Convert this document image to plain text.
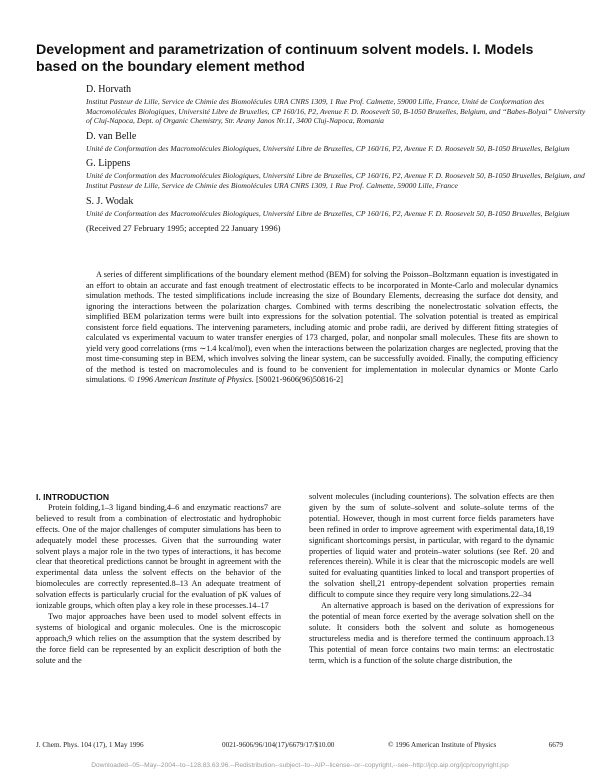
Development and parametrization of continuum solvent models. I. Models based on the boundary element method

D. Horvath

Institut Pasteur de Lille, Service de Chimie des Biomolécules URA CNRS 1309, 1 Rue Prof. Calmette, 59000 Lille, France, Unité de Conformation des Macromolécules Biologiques, Université Libre de Bruxelles, CP 160/16, P2, Avenue F. D. Roosevelt 50, B-1050 Bruxelles, Belgium, and “Babes-Bolyai” University of Cluj-Napoca, Dept. of Organic Chemistry, Str. Arany Janos Nr.11, 3400 Cluj-Napoca, Romania

D. van Belle

Unité de Conformation des Macromolécules Biologiques, Université Libre de Bruxelles, CP 160/16, P2, Avenue F. D. Roosevelt 50, B-1050 Bruxelles, Belgium

G. Lippens

Unité de Conformation des Macromolécules Biologiques, Université Libre de Bruxelles, CP 160/16, P2, Avenue F. D. Roosevelt 50, B-1050 Bruxelles, Belgium, and Institut Pasteur de Lille, Service de Chimie des Biomolécules URA CNRS 1309, 1 Rue Prof. Calmette, 59000 Lille, France

S. J. Wodak

Unité de Conformation des Macromolécules Biologiques, Université Libre de Bruxelles, CP 160/16, P2, Avenue F. D. Roosevelt 50, B-1050 Bruxelles, Belgium

(Received 27 February 1995; accepted 22 January 1996)

A series of different simplifications of the boundary element method (BEM) for solving the Poisson–Boltzmann equation is investigated in an effort to obtain an accurate and fast enough treatment of electrostatic effects to be incorporated in Monte-Carlo and molecular dynamics simulation methods. The tested simplifications include increasing the size of Boundary Elements, decreasing the surface dot density, and ignoring the interactions between the polarization charges. Combined with terms describing the nonelectrostatic solvation effects, the simplified BEM polarization terms were built into expressions for the solvation potential. The solvation potential is treated as empirical consistent force field equations. The intervening parameters, including atomic and probe radii, are derived by different fitting strategies of calculated vs experimental vacuum to water transfer energies of 173 charged, polar, and nonpolar small molecules. These fits are shown to yield very good correlations (rms ∼1.4 kcal/mol), even when the interactions between the polarization charges are neglected, proving that the most time-consuming step in BEM, which involves solving the linear system, can be successfully avoided. Finally, the computing efficiency of the method is tested on macromolecules and is found to be convenient for implementation in molecular dynamics or Monte Carlo simulations. © 1996 American Institute of Physics. [S0021-9606(96)50816-2]

I. INTRODUCTION

Protein folding,1–3 ligand binding,4–6 and enzymatic reactions7 are believed to result from a combination of electrostatic and hydrophobic effects. One of the major challenges of computer simulations has been to adequately model these processes. Given that the surrounding water solvent plays a major role in the two types of interactions, it has become clear that theoretical predictions cannot be brought in agreement with the experimental data unless the solvent effects on the behavior of the biomolecules are correctly represented.8–13 An adequate treatment of solvation effects is particularly crucial for the evaluation of pK values of ionizable groups, which often play a key role in these processes.14–17

Two major approaches have been used to model solvent effects in systems of biological and organic molecules. One is the microscopic approach,9 which relies on the assumption that the system described by the force field can be represented by an explicit description of both the solute and the

solvent molecules (including counterions). The solvation effects are then given by the sum of solute–solvent and solute–solute terms of the potential. However, though in most current force fields parameters have been refined in order to improve agreement with experimental data,18,19 significant shortcomings persist, in particular, with regard to the dynamic properties of liquid water and protein–water solutions (see Ref. 20 and references therein). While it is clear that the microscopic models are well suited for evaluating quantities linked to local and transport properties of the solvation shell,21 entropy-dependent solvation properties remain difficult to compute since they require very long simulations.22–34

An alternative approach is based on the derivation of expressions for the potential of mean force exerted by the average solvation shell on the solute. It considers both the solvent and solute as homogeneous structureless media and is therefore termed the continuum approach.13 This potential of mean force contains two main terms: an electrostatic term, which is a function of the solute charge distribution, the

J. Chem. Phys. 104 (17), 1 May 1996	0021-9606/96/104(17)/6679/17/$10.00	© 1996 American Institute of Physics	6679
Downloaded--05--May--2004--to--128.83.63.96.--Redistribution--subject--to--AIP--license--or--copyright,--see--http://jcp.aip.org/jcp/copyright.jsp
